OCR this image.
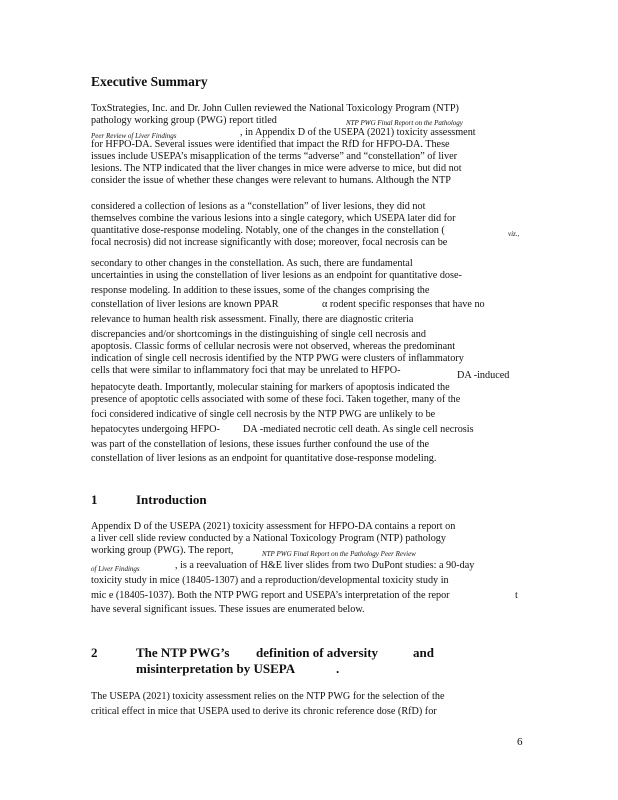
Executive Summary
ToxStrategies, Inc. and Dr. John Cullen reviewed the National Toxicology Program (NTP)
pathology working group (PWG) report titled	NTP PWG Final Report on the Pathology
Peer Review of Liver Findings	, in Appendix D of the USEPA (2021) toxicity assessment
for HFPO-DA. Several issues were identified that impact the RfD for HFPO-DA. These
issues include USEPA’s misapplication of the terms “adverse” and “constellation” of liver
lesions. The NTP indicated that the liver changes in mice were adverse to mice, but did not
consider the issue of whether these changes were relevant to humans. Although the NTP
considered a collection of lesions as a “constellation” of liver lesions, they did not
themselves combine the various lesions into a single category, which USEPA later did for
quantitative dose-response modeling. Notably, one of the changes in the constellation (	viz.,
focal necrosis) did not increase significantly with dose; moreover, focal necrosis can be
secondary to other changes in the constellation. As such, there are fundamental
uncertainties in using the constellation of liver lesions as an endpoint for quantitative dose-
response modeling. In addition to these issues, some of the changes comprising the
constellation of liver lesions are known PPAR	α rodent specific responses that have no
relevance to human health risk assessment. Finally, there are diagnostic criteria
discrepancies and/or shortcomings in the distinguishing of single cell necrosis and
apoptosis. Classic forms of cellular necrosis were not observed, whereas the predominant
indication of single cell necrosis identified by the NTP PWG were clusters of inflammatory
cells that were similar to inflammatory foci that may be unrelated to HFPO-	DA -induced
hepatocyte death. Importantly, molecular staining for markers of apoptosis indicated the
presence of apoptotic cells associated with some of these foci. Taken together, many of the
foci considered indicative of single cell necrosis by the NTP PWG are unlikely to be
hepatocytes undergoing HFPO- DA -mediated necrotic cell death. As single cell necrosis
was part of the constellation of lesions, these issues further confound the use of the
constellation of liver lesions as an endpoint for quantitative dose-response modeling.
1	Introduction
Appendix D of the USEPA (2021) toxicity assessment for HFPO-DA contains a report on
a liver cell slide review conducted by a National Toxicology Program (NTP) pathology
working group (PWG). The report,	NTP PWG Final Report on the Pathology Peer Review
of Liver Findings	, is a reevaluation of H&E liver slides from two DuPont studies: a 90-day
toxicity study in mice (18405-1307) and a reproduction/developmental toxicity study in
mic e (18405-1037). Both the NTP PWG report and USEPA’s interpretation of the repor	t
have several significant issues. These issues are enumerated below.
2	The NTP PWG’s definition of adversity	and
misinterpretation by USEPA	.
The USEPA (2021) toxicity assessment relies on the NTP PWG for the selection of the
critical effect in mice that USEPA used to derive its chronic reference dose (RfD) for
6
